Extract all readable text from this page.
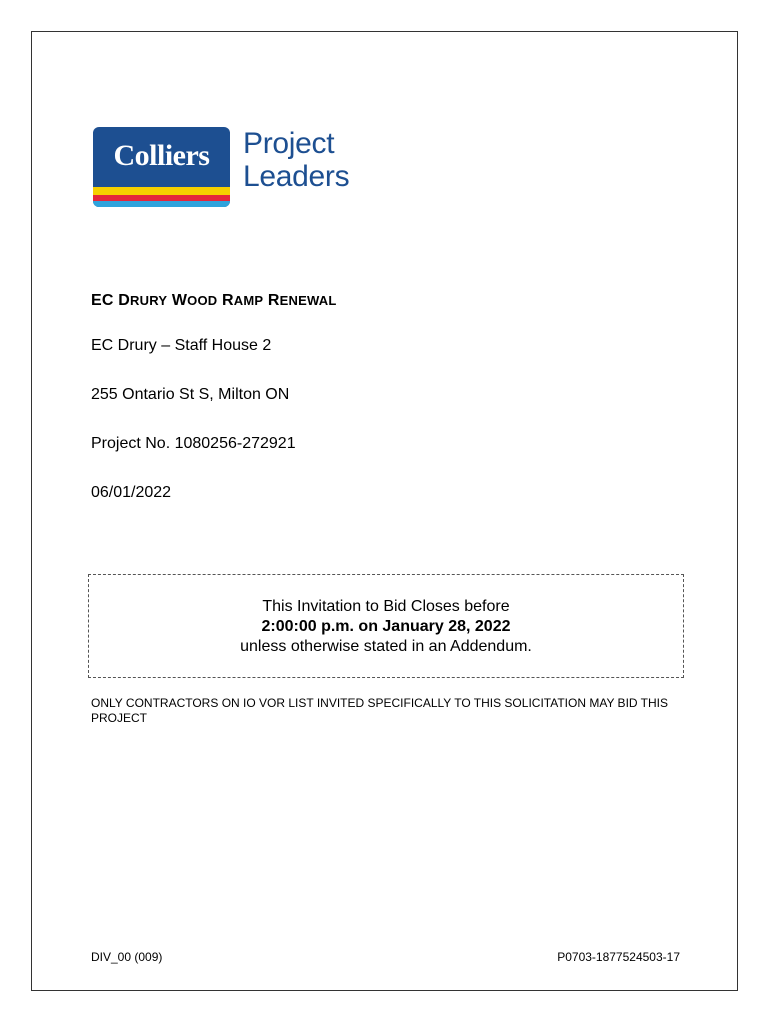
Colliers	Project
Leaders
EC DRURY WOOD RAMP RENEWAL
EC Drury – Staff House 2
255 Ontario St S, Milton ON
Project No. 1080256-272921
06/01/2022
This Invitation to Bid Closes before
2:00:00 p.m. on January 28, 2022
unless otherwise stated in an Addendum.
ONLY CONTRACTORS ON IO VOR LIST INVITED SPECIFICALLY TO THIS SOLICITATION MAY BID THIS PROJECT
DIV_00 (009)	P0703-1877524503-17
